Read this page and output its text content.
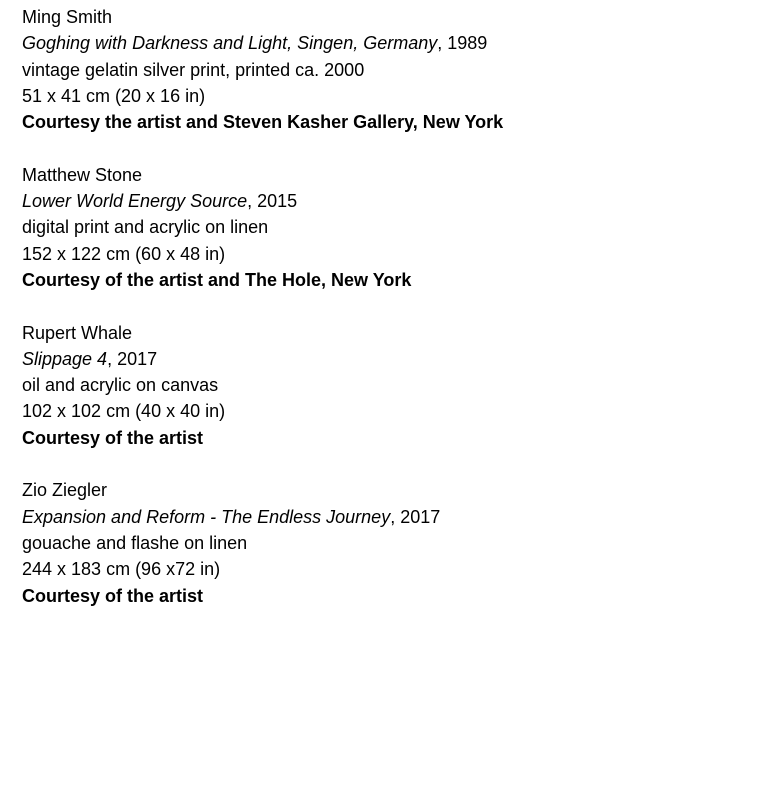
Ming Smith
Goghing with Darkness and Light, Singen, Germany, 1989
vintage gelatin silver print, printed ca. 2000
51 x 41 cm (20 x 16 in)
Courtesy the artist and Steven Kasher Gallery, New York
Matthew Stone
Lower World Energy Source, 2015
digital print and acrylic on linen
152 x 122 cm (60 x 48 in)
Courtesy of the artist and The Hole, New York
Rupert Whale
Slippage 4, 2017
oil and acrylic on canvas
102 x 102 cm (40 x 40 in)
Courtesy of the artist
Zio Ziegler
Expansion and Reform - The Endless Journey, 2017
gouache and flashe on linen
244 x 183 cm (96 x72 in)
Courtesy of the artist
